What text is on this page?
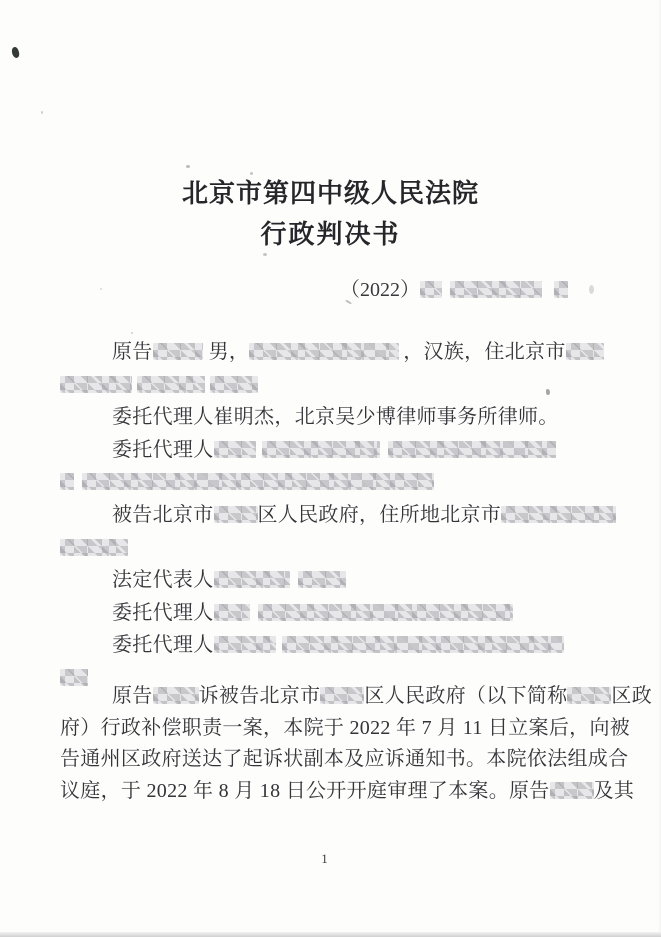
北京市第四中级人民法院
行政判决书
（2022）
原告	男，	，汉族，住北京市
委托代理人崔明杰，北京吴少博律师事务所律师。
委托代理人
被告北京市 区人民政府，住所地北京市
法定代表人
委托代理人
委托代理人
原告 诉被告北京市 区人民政府（以下简称 区政
府）行政补偿职责一案，本院于 2022 年 7 月 11 日立案后，向被
告通州区政府送达了起诉状副本及应诉通知书。本院依法组成合
议庭，于 2022 年 8 月 18 日公开开庭审理了本案。原告 及其
1
